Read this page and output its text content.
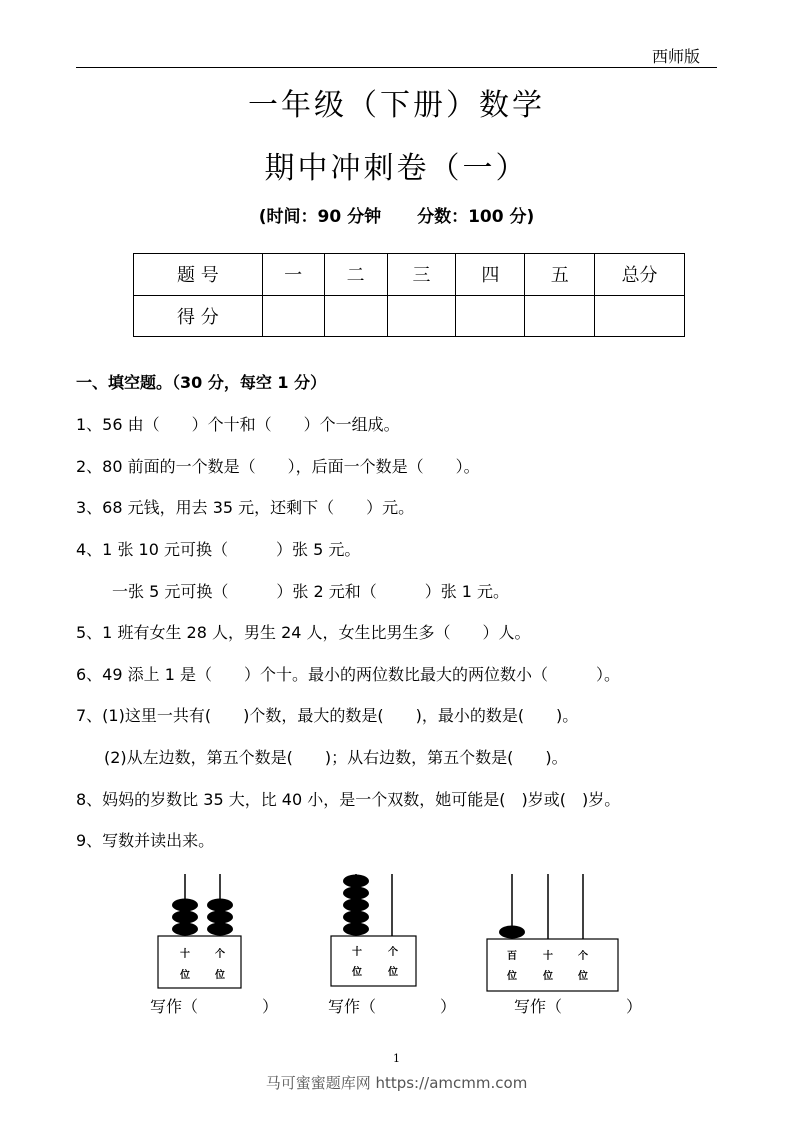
西师版
一年级（下册）数学
期中冲刺卷（一）
(时间：90 分钟 分数：100 分)
题 号	一	二	三	四	五	总分
得 分						
一、填空题。（30 分，每空 1 分）
1、56 由（　　）个十和（　　）个一组成。
2、80 前面的一个数是（　　），后面一个数是（　　）。
3、68 元钱，用去 35 元，还剩下（　　）元。
4、1 张 10 元可换（　　　）张 5 元。
一张 5 元可换（　　　）张 2 元和（　　　）张 1 元。
5、1 班有女生 28 人，男生 24 人，女生比男生多（　　）人。
6、49 添上 1 是（　　）个十。最小的两位数比最大的两位数小（　　　）。
7、(1)这里一共有(　　)个数，最大的数是(　　)，最小的数是(　　)。
(2)从左边数，第五个数是(　　)；从右边数，第五个数是(　　)。
8、妈妈的岁数比 35 大，比 40 小，是一个双数，她可能是(　)岁或(　)岁。
9、写数并读出来。
十	个
位	位
十	个
位	位
百	十	个
位	位	位
写作（　　　　）	写作（　　　　）	写作（　　　　）
1
马可蜜蜜题库网 https://amcmm.com
